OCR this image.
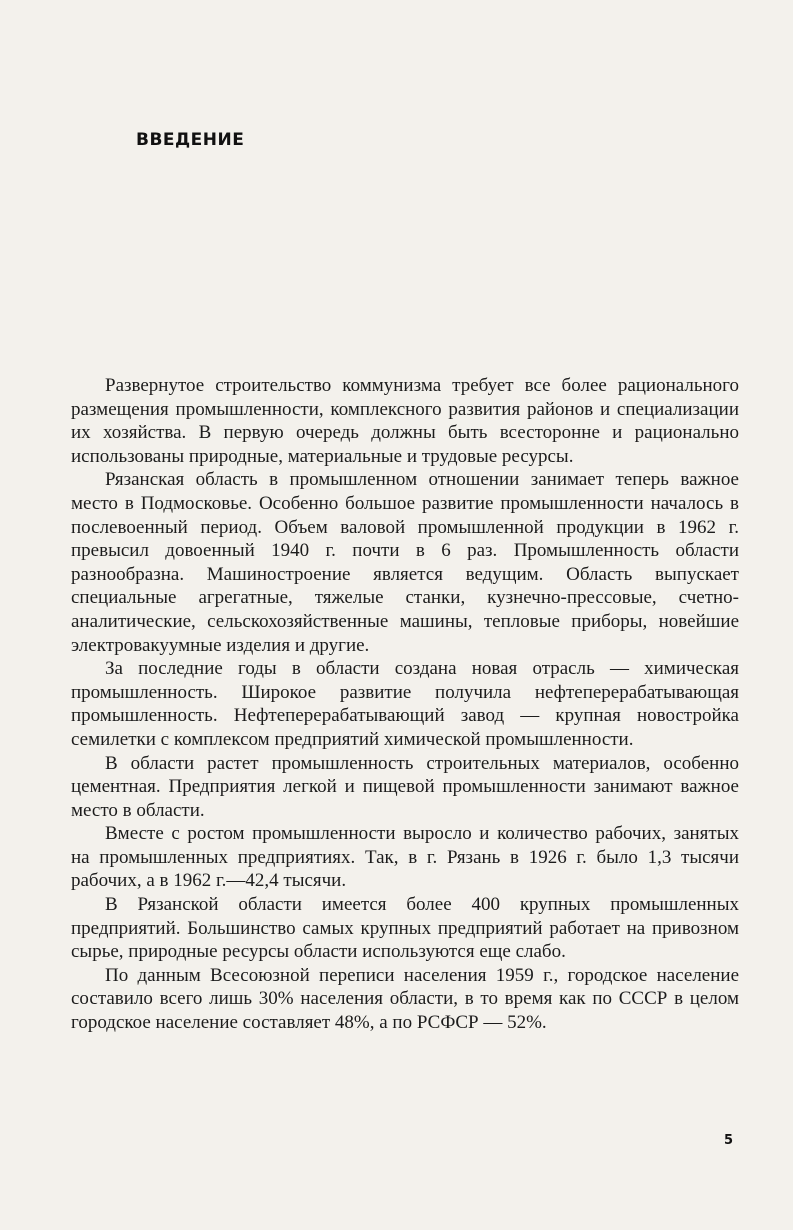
ВВЕДЕНИЕ

Развернутое строительство коммунизма требует все более рационального размещения промышленности, комплексного развития районов и специализации их хозяйства. В первую очередь должны быть всесторонне и рационально использованы природные, материальные и трудовые ресурсы.

Рязанская область в промышленном отношении занимает теперь важное место в Подмосковье. Особенно большое развитие промышленности началось в послевоенный период. Объем валовой промышленной продукции в 1962 г. превысил довоенный 1940 г. почти в 6 раз. Промышленность области разнообразна. Машиностроение является ведущим. Область выпускает специальные агрегатные, тяжелые станки, кузнечно-прессовые, счетно-аналитические, сельскохозяйственные машины, тепловые приборы, новейшие электровакуумные изделия и другие.

За последние годы в области создана новая отрасль — химическая промышленность. Широкое развитие получила нефтеперерабатывающая промышленность. Нефтеперерабатывающий завод — крупная новостройка семилетки с комплексом предприятий химической промышленности.

В области растет промышленность строительных материалов, особенно цементная. Предприятия легкой и пищевой промышленности занимают важное место в области.

Вместе с ростом промышленности выросло и количество рабочих, занятых на промышленных предприятиях. Так, в г. Рязань в 1926 г. было 1,3 тысячи рабочих, а в 1962 г.—42,4 тысячи.

В Рязанской области имеется более 400 крупных промышленных предприятий. Большинство самых крупных предприятий работает на привозном сырье, природные ресурсы области используются еще слабо.

По данным Всесоюзной переписи населения 1959 г., городское население составило всего лишь 30% населения области, в то время как по СССР в целом городское население составляет 48%, а по РСФСР — 52%.

5
